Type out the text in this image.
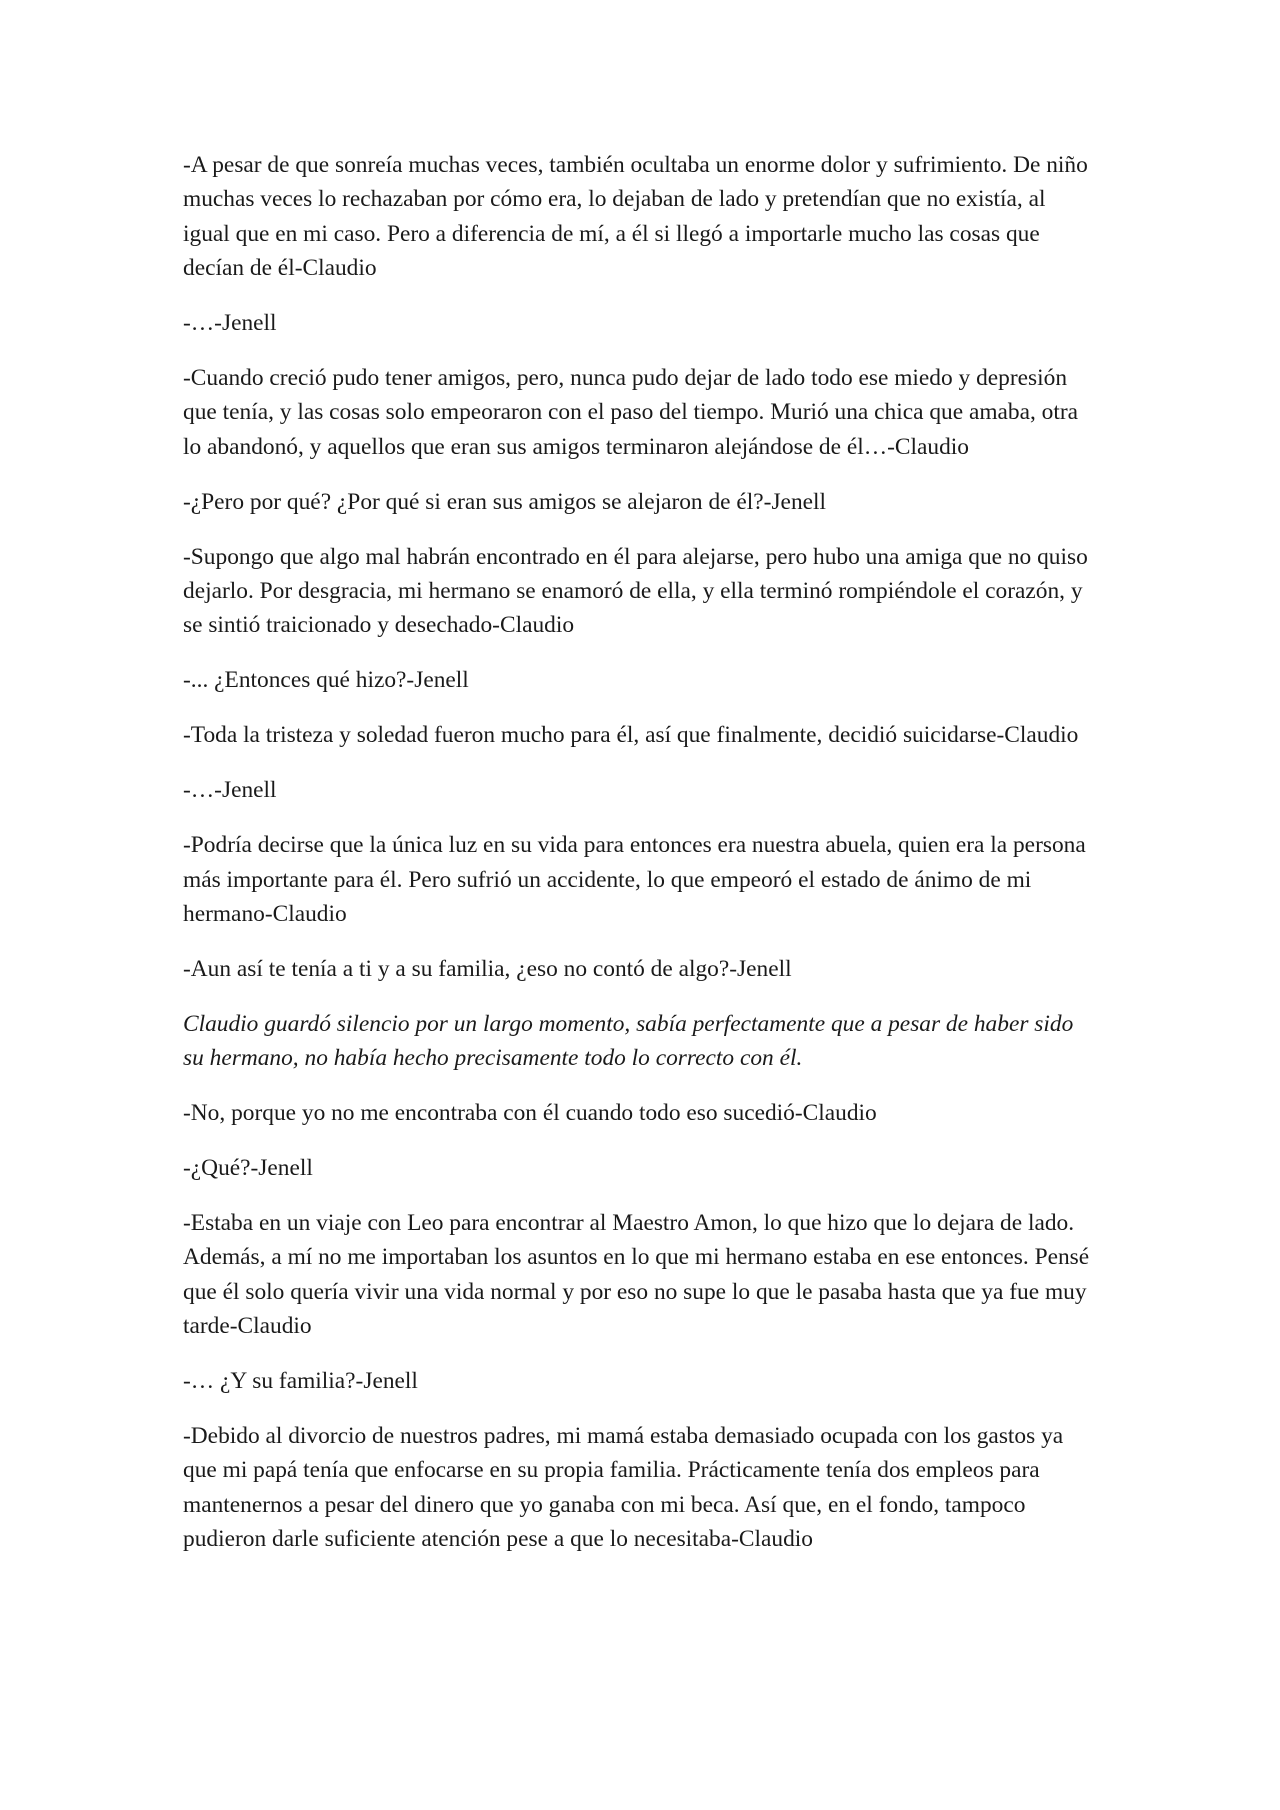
-A pesar de que sonreía muchas veces, también ocultaba un enorme dolor y sufrimiento. De niño muchas veces lo rechazaban por cómo era, lo dejaban de lado y pretendían que no existía, al igual que en mi caso. Pero a diferencia de mí, a él si llegó a importarle mucho las cosas que decían de él-Claudio

-…-Jenell

-Cuando creció pudo tener amigos, pero, nunca pudo dejar de lado todo ese miedo y depresión que tenía, y las cosas solo empeoraron con el paso del tiempo. Murió una chica que amaba, otra lo abandonó, y aquellos que eran sus amigos terminaron alejándose de él…-Claudio

-¿Pero por qué? ¿Por qué si eran sus amigos se alejaron de él?-Jenell

-Supongo que algo mal habrán encontrado en él para alejarse, pero hubo una amiga que no quiso dejarlo. Por desgracia, mi hermano se enamoró de ella, y ella terminó rompiéndole el corazón, y se sintió traicionado y desechado-Claudio

-... ¿Entonces qué hizo?-Jenell

-Toda la tristeza y soledad fueron mucho para él, así que finalmente, decidió suicidarse-Claudio

-…-Jenell

-Podría decirse que la única luz en su vida para entonces era nuestra abuela, quien era la persona más importante para él. Pero sufrió un accidente, lo que empeoró el estado de ánimo de mi hermano-Claudio

-Aun así te tenía a ti y a su familia, ¿eso no contó de algo?-Jenell

Claudio guardó silencio por un largo momento, sabía perfectamente que a pesar de haber sido su hermano, no había hecho precisamente todo lo correcto con él.

-No, porque yo no me encontraba con él cuando todo eso sucedió-Claudio

-¿Qué?-Jenell

-Estaba en un viaje con Leo para encontrar al Maestro Amon, lo que hizo que lo dejara de lado. Además, a mí no me importaban los asuntos en lo que mi hermano estaba en ese entonces. Pensé que él solo quería vivir una vida normal y por eso no supe lo que le pasaba hasta que ya fue muy tarde-Claudio

-… ¿Y su familia?-Jenell

-Debido al divorcio de nuestros padres, mi mamá estaba demasiado ocupada con los gastos ya que mi papá tenía que enfocarse en su propia familia. Prácticamente tenía dos empleos para mantenernos a pesar del dinero que yo ganaba con mi beca. Así que, en el fondo, tampoco pudieron darle suficiente atención pese a que lo necesitaba-Claudio
